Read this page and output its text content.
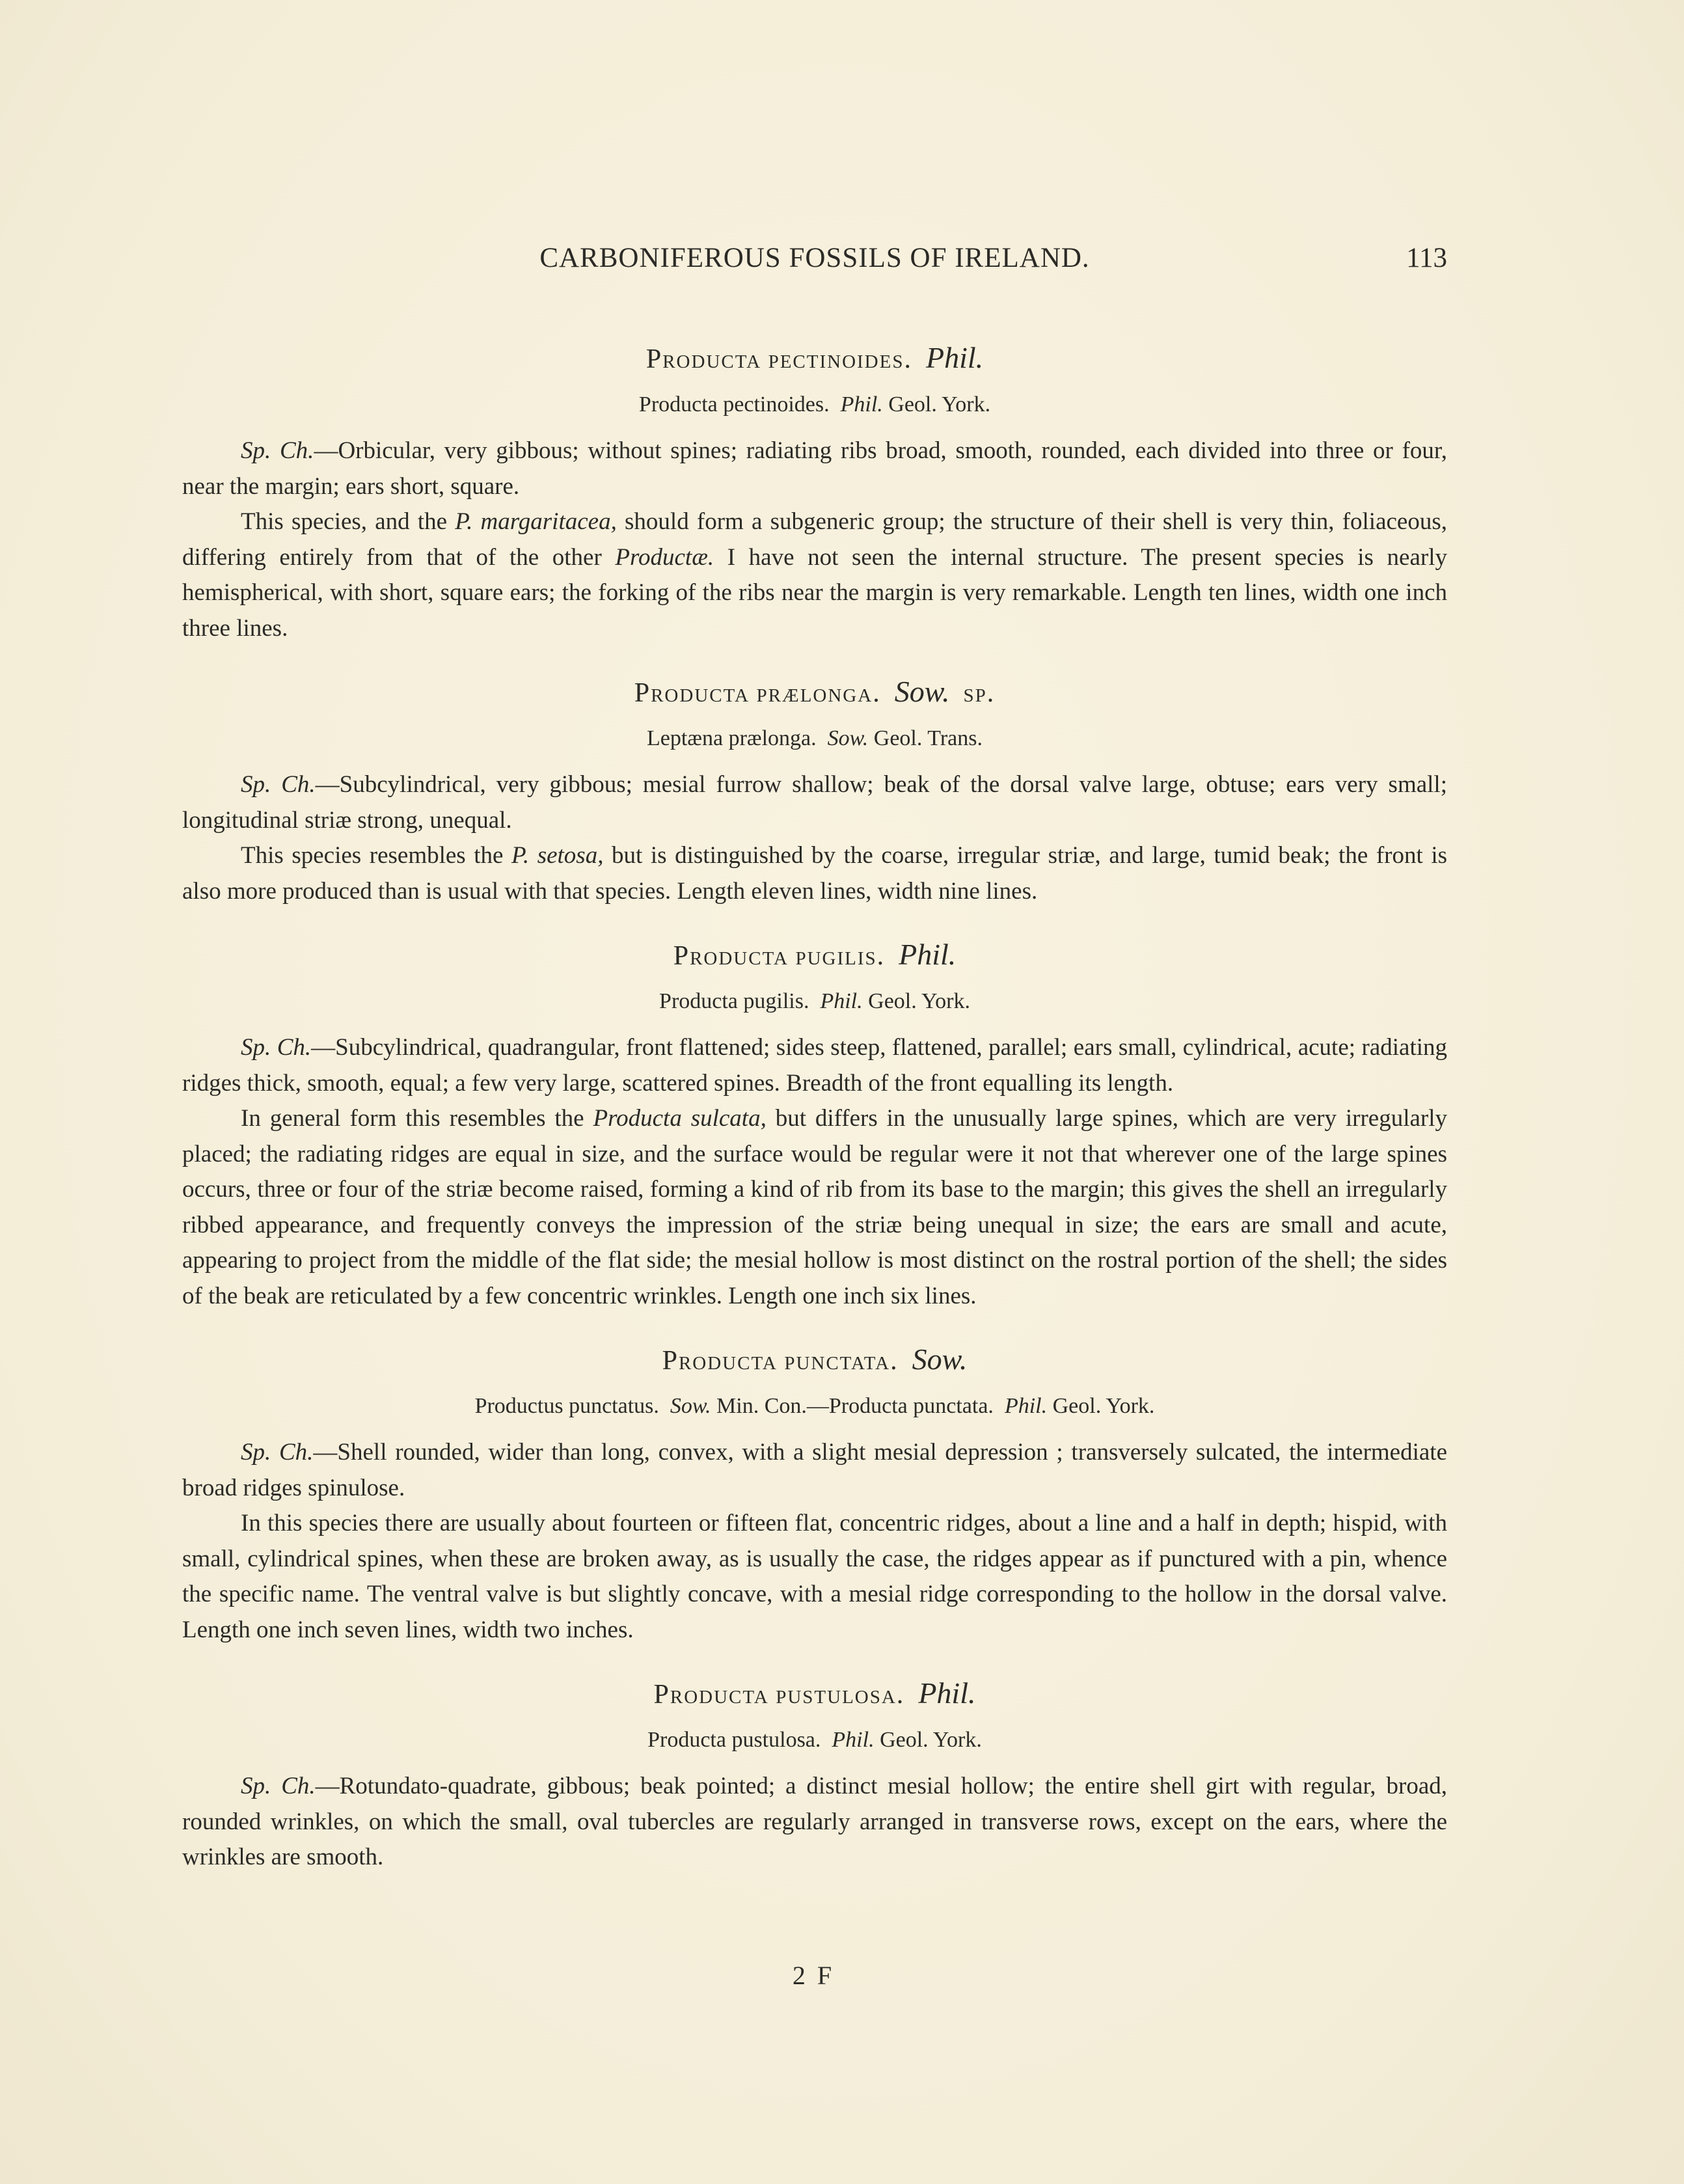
CARBONIFEROUS FOSSILS OF IRELAND.	113
Producta pectinoides. Phil.
Producta pectinoides. Phil. Geol. York.

Sp. Ch.—Orbicular, very gibbous; without spines; radiating ribs broad, smooth, rounded, each divided into three or four, near the margin; ears short, square.

This species, and the P. margaritacea, should form a subgeneric group; the structure of their shell is very thin, foliaceous, differing entirely from that of the other Productæ. I have not seen the internal structure. The present species is nearly hemispherical, with short, square ears; the forking of the ribs near the margin is very remarkable. Length ten lines, width one inch three lines.

Producta prælonga. Sow. sp.
Leptæna prælonga. Sow. Geol. Trans.

Sp. Ch.—Subcylindrical, very gibbous; mesial furrow shallow; beak of the dorsal valve large, obtuse; ears very small; longitudinal striæ strong, unequal.

This species resembles the P. setosa, but is distinguished by the coarse, irregular striæ, and large, tumid beak; the front is also more produced than is usual with that species. Length eleven lines, width nine lines.

Producta pugilis. Phil.
Producta pugilis. Phil. Geol. York.

Sp. Ch.—Subcylindrical, quadrangular, front flattened; sides steep, flattened, parallel; ears small, cylindrical, acute; radiating ridges thick, smooth, equal; a few very large, scattered spines. Breadth of the front equalling its length.

In general form this resembles the Producta sulcata, but differs in the unusually large spines, which are very irregularly placed; the radiating ridges are equal in size, and the surface would be regular were it not that wherever one of the large spines occurs, three or four of the striæ become raised, forming a kind of rib from its base to the margin; this gives the shell an irregularly ribbed appearance, and frequently conveys the impression of the striæ being unequal in size; the ears are small and acute, appearing to project from the middle of the flat side; the mesial hollow is most distinct on the rostral portion of the shell; the sides of the beak are reticulated by a few concentric wrinkles. Length one inch six lines.

Producta punctata. Sow.
Productus punctatus. Sow. Min. Con.—Producta punctata. Phil. Geol. York.

Sp. Ch.—Shell rounded, wider than long, convex, with a slight mesial depression ; transversely sulcated, the intermediate broad ridges spinulose.

In this species there are usually about fourteen or fifteen flat, concentric ridges, about a line and a half in depth; hispid, with small, cylindrical spines, when these are broken away, as is usually the case, the ridges appear as if punctured with a pin, whence the specific name. The ventral valve is but slightly concave, with a mesial ridge corresponding to the hollow in the dorsal valve. Length one inch seven lines, width two inches.

Producta pustulosa. Phil.
Producta pustulosa. Phil. Geol. York.

Sp. Ch.—Rotundato-quadrate, gibbous; beak pointed; a distinct mesial hollow; the entire shell girt with regular, broad, rounded wrinkles, on which the small, oval tubercles are regularly arranged in transverse rows, except on the ears, where the wrinkles are smooth.

2 F
